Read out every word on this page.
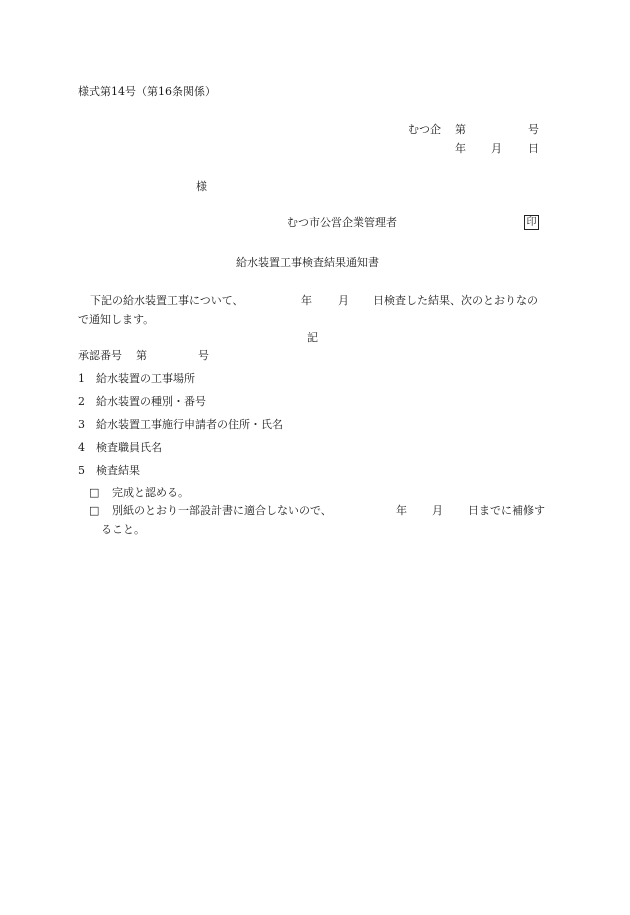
様式第14号（第16条関係）
むつ企 第	号
年 月 日
様
むつ市公営企業管理者	印
給水装置工事検査結果通知書
下記の給水装置工事について、	年 月 日検査した結果、次のとおりなの
で通知します。
記
承認番号 第	号
1　給水装置の工事場所
2　給水装置の種別・番号
3　給水装置工事施行申請者の住所・氏名
4　検査職員氏名
5　検査結果
□ 完成と認める。
□ 別紙のとおり一部設計書に適合しないので、	年 月 日までに補修す
ること。
